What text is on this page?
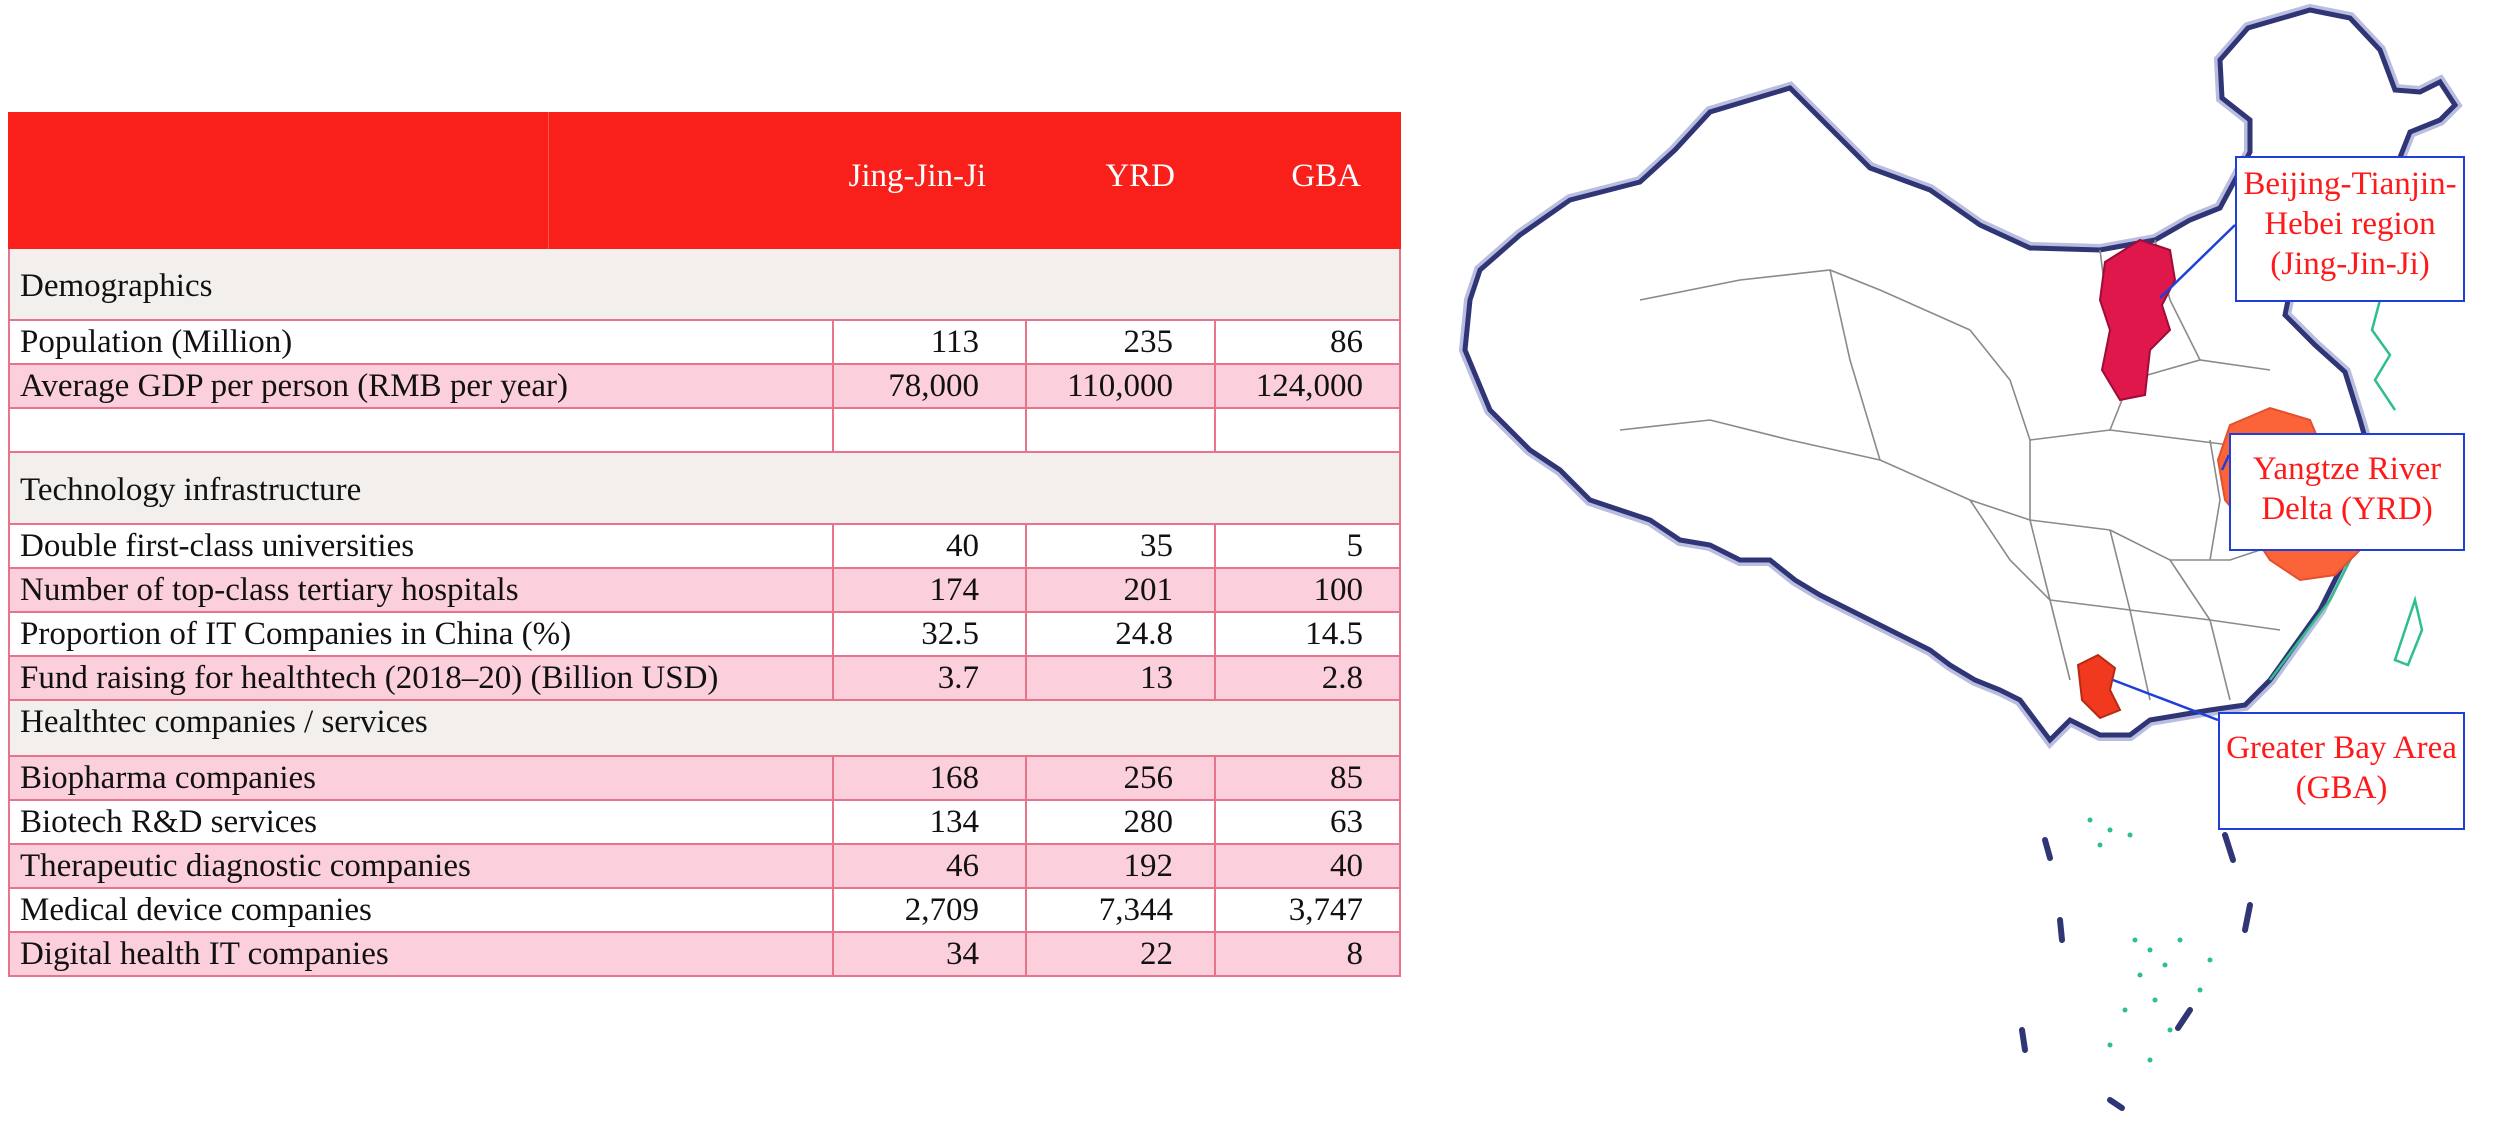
Jing-Jin-Ji	YRD	GBA
Demographics
Population (Million)	113	235	86
Average GDP per person (RMB per year)	78,000	110,000	124,000
Technology infrastructure
Double first-class universities	40	35	5
Number of top-class tertiary hospitals	174	201	100
Proportion of IT Companies in China (%)	32.5	24.8	14.5
Fund raising for healthtech (2018–20) (Billion USD)	3.7	13	2.8
Healthtec companies / services
Biopharma companies	168	256	85
Biotech R&D services	134	280	63
Therapeutic diagnostic companies	46	192	40
Medical device companies	2,709	7,344	3,747
Digital health IT companies	34	22	8
Beijing-Tianjin-
Hebei region
(Jing-Jin-Ji)
Yangtze River
Delta (YRD)
Greater Bay Area
(GBA)
